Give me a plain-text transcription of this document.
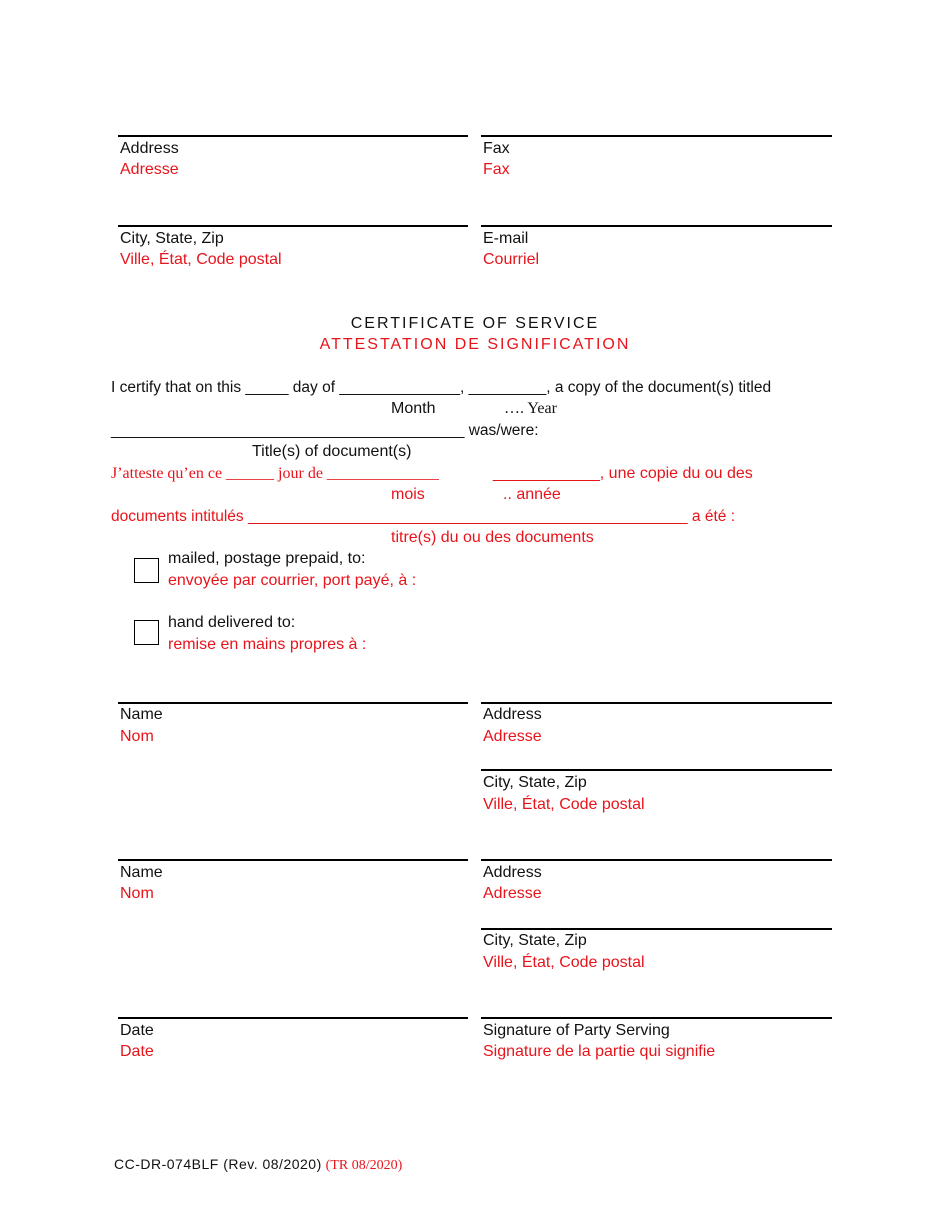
Address
Adresse
Fax
Fax
City, State, Zip
Ville, État, Code postal
E-mail
Courriel
CERTIFICATE OF SERVICE
ATTESTATION DE SIGNIFICATION
I certify that on this _____ day of ______________, _________, a copy of the document(s) titled
Month	…. Year
_________________________________________ was/were:
Title(s) of document(s)
J’atteste qu’en ce ______ jour de ______________	____________, une copie du ou des
mois	.. année
documents intitulés ___________________________________________________ a été :
titre(s) du ou des documents
mailed, postage prepaid, to:
envoyée par courrier, port payé, à :
hand delivered to:
remise en mains propres à :
Name
Nom
Address
Adresse
City, State, Zip
Ville, État, Code postal
Name
Nom
Address
Adresse
City, State, Zip
Ville, État, Code postal
Date
Date
Signature of Party Serving
Signature de la partie qui signifie
CC-DR-074BLF (Rev. 08/2020) (TR 08/2020)
